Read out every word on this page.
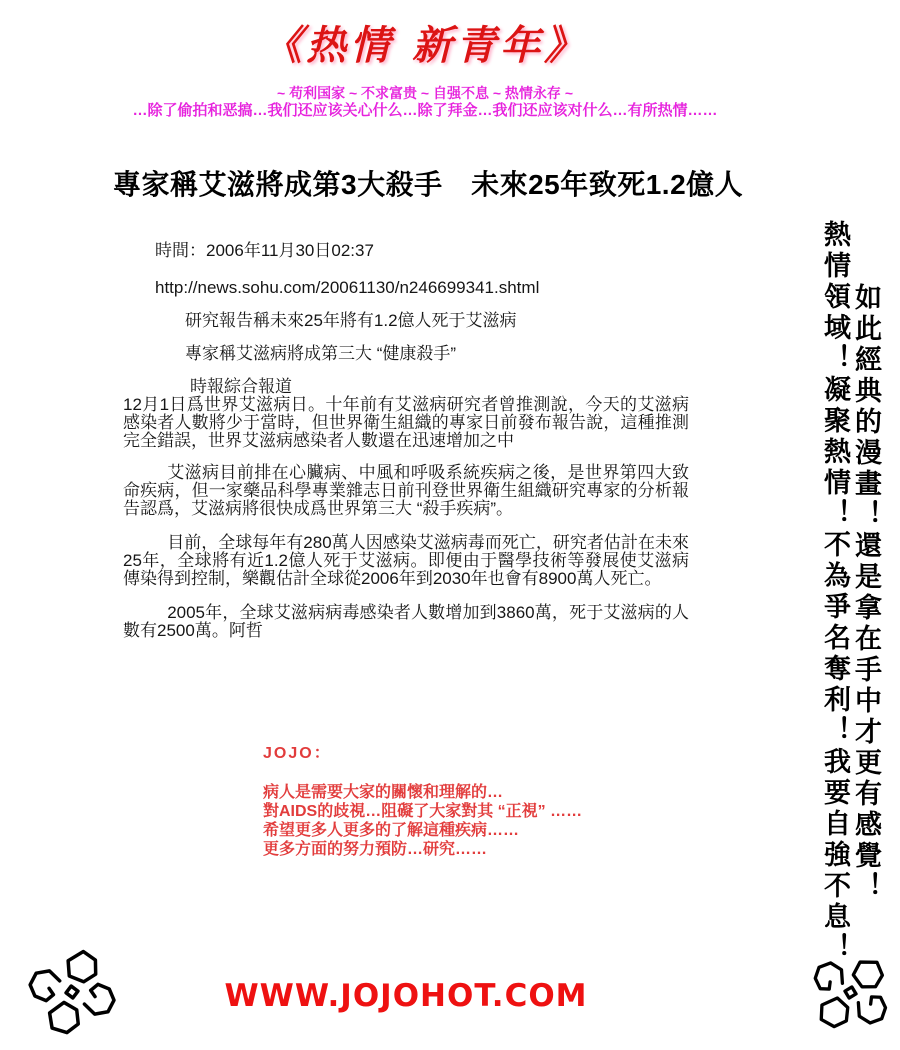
《热情 新青年》
~ 苟利国家 ~ 不求富贵 ~ 自强不息 ~ 热情永存 ~
…除了偷拍和恶搞…我们还应该关心什么…除了拜金…我们还应该对什么…有所热情……
專家稱艾滋將成第3大殺手　未來25年致死1.2億人
時間：2006年11月30日02:37
http://news.sohu.com/20061130/n246699341.shtml
研究報告稱未來25年將有1.2億人死于艾滋病
專家稱艾滋病將成第三大 “健康殺手”
時報綜合報道

12月1日爲世界艾滋病日。十年前有艾滋病研究者曾推測說，今天的艾滋病感染者人數將少于當時，但世界衛生組織的專家日前發布報告說，這種推測完全錯誤，世界艾滋病感染者人數還在迅速增加之中

艾滋病目前排在心臟病、中風和呼吸系統疾病之後，是世界第四大致命疾病，但一家藥品科學專業雜志日前刊登世界衛生組織研究專家的分析報告認爲，艾滋病將很快成爲世界第三大 “殺手疾病”。

目前，全球每年有280萬人因感染艾滋病毒而死亡，研究者估計在未來25年，全球將有近1.2億人死于艾滋病。即便由于醫學技術等發展使艾滋病傳染得到控制，樂觀估計全球從2006年到2030年也會有8900萬人死亡。

2005年，全球艾滋病病毒感染者人數增加到3860萬，死于艾滋病的人數有2500萬。阿哲

JOJO：
病人是需要大家的關懷和理解的…
對AIDS的歧視…阻礙了大家對其 “正視” ……
希望更多人更多的了解這種疾病……
更多方面的努力預防…研究……	熱情領域！凝聚熱情！不為爭名奪利！我要自強不息！ 如此經典的漫畫！還是拿在手中才更有感覺！
WWW.JOJOHOT.COM
